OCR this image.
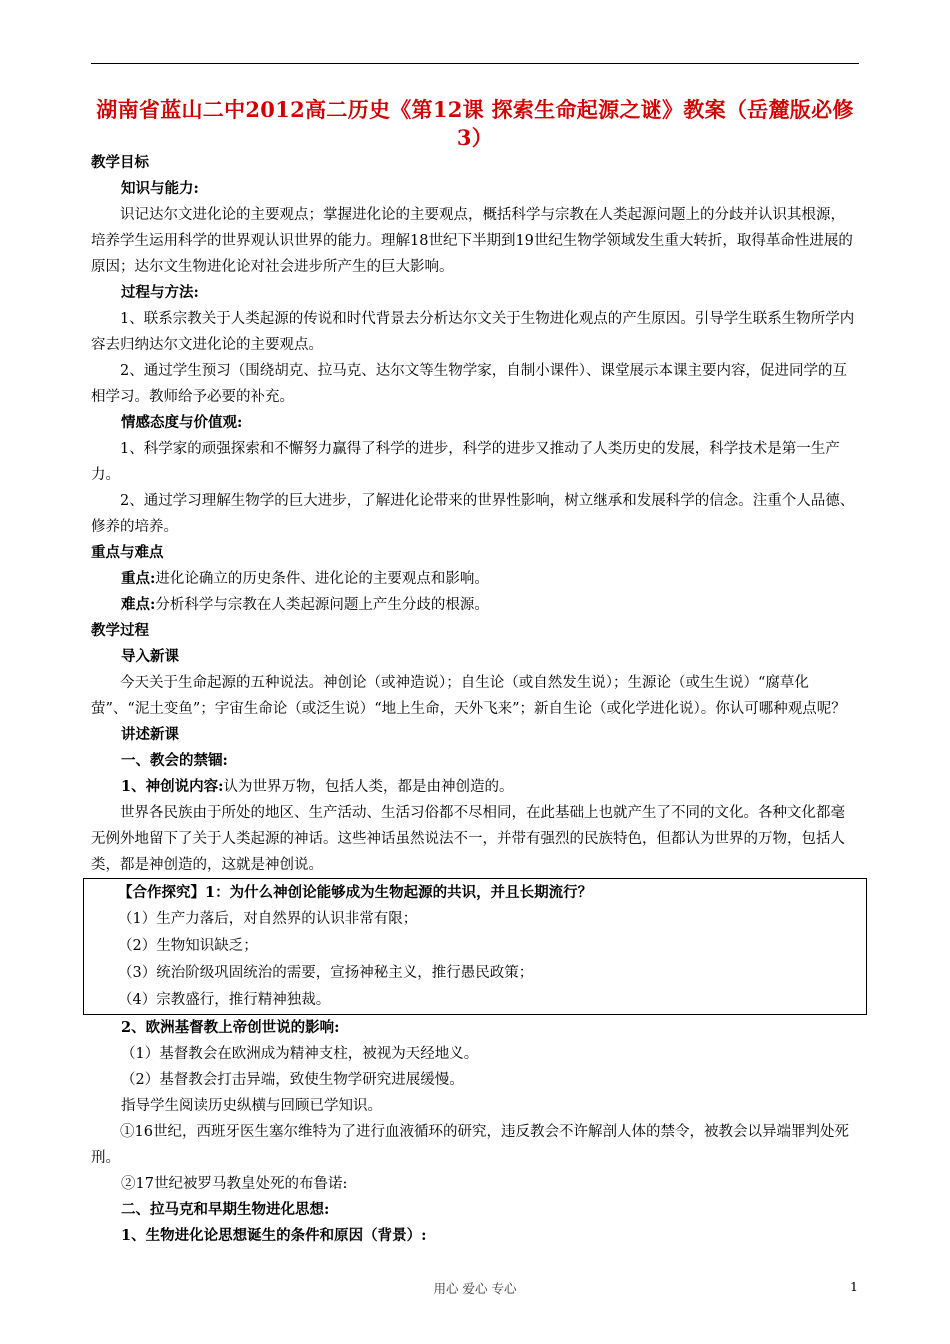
湖南省蓝山二中2012高二历史《第12课 探索生命起源之谜》教案（岳麓版必修3）

教学目标

知识与能力:

识记达尔文进化论的主要观点；掌握进化论的主要观点，概括科学与宗教在人类起源问题上的分歧并认识其根源，培养学生运用科学的世界观认识世界的能力。理解18世纪下半期到19世纪生物学领域发生重大转折，取得革命性进展的原因；达尔文生物进化论对社会进步所产生的巨大影响。

过程与方法:

1、联系宗教关于人类起源的传说和时代背景去分析达尔文关于生物进化观点的产生原因。引导学生联系生物所学内容去归纳达尔文进化论的主要观点。

2、通过学生预习（围绕胡克、拉马克、达尔文等生物学家，自制小课件）、课堂展示本课主要内容，促进同学的互相学习。教师给予必要的补充。

情感态度与价值观:

1、科学家的顽强探索和不懈努力赢得了科学的进步，科学的进步又推动了人类历史的发展，科学技术是第一生产力。

2、通过学习理解生物学的巨大进步，了解进化论带来的世界性影响，树立继承和发展科学的信念。注重个人品德、修养的培养。

重点与难点

重点:进化论确立的历史条件、进化论的主要观点和影响。

难点:分析科学与宗教在人类起源问题上产生分歧的根源。

教学过程

导入新课

今天关于生命起源的五种说法。神创论（或神造说）；自生论（或自然发生说）；生源论（或生生说）“腐草化萤”、“泥土变鱼”；宇宙生命论（或泛生说）“地上生命，天外飞来”；新自生论（或化学进化说）。你认可哪种观点呢？

讲述新课

一、教会的禁锢:

1、神创说内容:认为世界万物，包括人类，都是由神创造的。

世界各民族由于所处的地区、生产活动、生活习俗都不尽相同，在此基础上也就产生了不同的文化。各种文化都毫无例外地留下了关于人类起源的神话。这些神话虽然说法不一，并带有强烈的民族特色，但都认为世界的万物，包括人类，都是神创造的，这就是神创说。

【合作探究】1：为什么神创论能够成为生物起源的共识，并且长期流行？

（1）生产力落后，对自然界的认识非常有限；

（2）生物知识缺乏；

（3）统治阶级巩固统治的需要，宣扬神秘主义，推行愚民政策；

（4）宗教盛行，推行精神独裁。

2、欧洲基督教上帝创世说的影响:

（1）基督教会在欧洲成为精神支柱，被视为天经地义。

（2）基督教会打击异端，致使生物学研究进展缓慢。

指导学生阅读历史纵横与回顾已学知识。

①16世纪，西班牙医生塞尔维特为了进行血液循环的研究，违反教会不许解剖人体的禁令，被教会以异端罪判处死刑。

②17世纪被罗马教皇处死的布鲁诺:

二、拉马克和早期生物进化思想:

1、生物进化论思想诞生的条件和原因（背景）:

用心 爱心 专心	1
